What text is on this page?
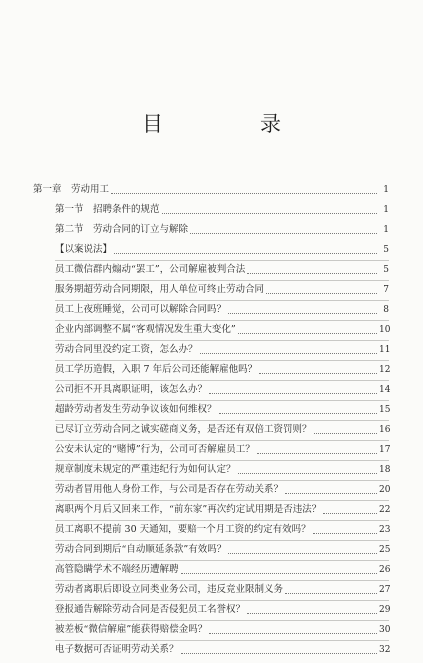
目　录
第一章　劳动用工	1
第一节　招聘条件的规范	1
第二节　劳动合同的订立与解除	1
【以案说法】	5
员工微信群内煽动“罢工”，公司解雇被判合法	5
服务期超劳动合同期限，用人单位可终止劳动合同	7
员工上夜班睡觉，公司可以解除合同吗？	8
企业内部调整不属“客观情况发生重大变化”	10
劳动合同里没约定工资，怎么办？	11
员工学历造假，入职 7 年后公司还能解雇他吗？	12
公司拒不开具离职证明，该怎么办？	14
超龄劳动者发生劳动争议该如何维权？	15
已尽订立劳动合同之诚实磋商义务，是否还有双倍工资罚则？	16
公安未认定的“赌博”行为，公司可否解雇员工？	17
规章制度未规定的严重违纪行为如何认定？	18
劳动者冒用他人身份工作，与公司是否存在劳动关系？	20
离职两个月后又回来工作，“前东家”再次约定试用期是否违法？	22
员工离职不提前 30 天通知，要赔一个月工资的约定有效吗？	23
劳动合同到期后“自动顺延条款”有效吗？	25
高管隐瞒学术不端经历遭解聘	26
劳动者离职后即设立同类业务公司，违反竞业限制义务	27
登报通告解除劳动合同是否侵犯员工名誉权？	29
被差板“微信解雇”能获得赔偿金吗？	30
电子数据可否证明劳动关系？	32
